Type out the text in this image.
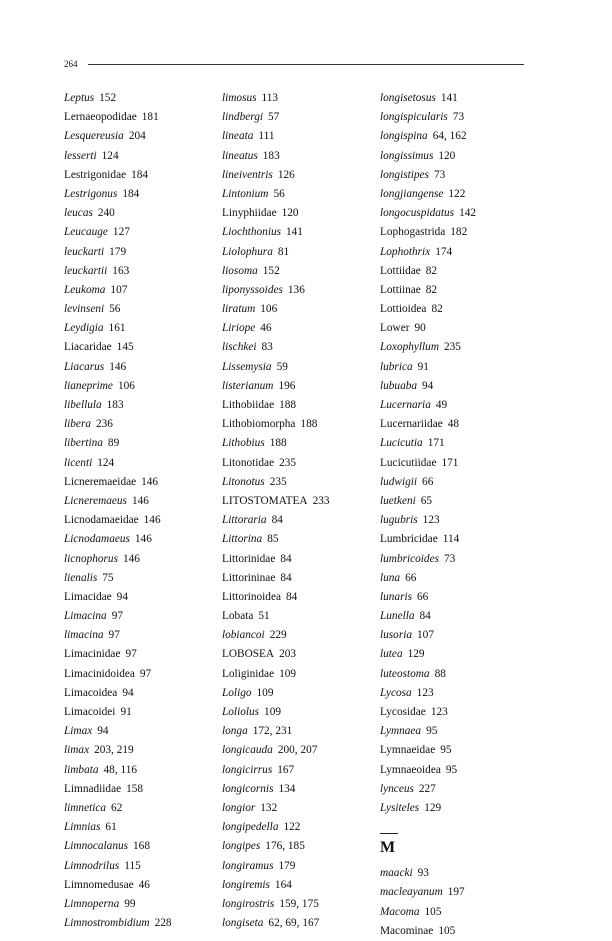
264
Leptus 152
Lernaeopodidae 181
Lesquereusia 204
lesserti 124
Lestrigonidae 184
Lestrigonus 184
leucas 240
Leucauge 127
leuckarti 179
leuckartii 163
Leukoma 107
levinseni 56
Leydigia 161
Liacaridae 145
Liacarus 146
lianeprime 106
libellula 183
libera 236
libertina 89
licenti 124
Licneremaeidae 146
Licneremaeus 146
Licnodamaeidae 146
Licnodamaeus 146
licnophorus 146
lienalis 75
Limacidae 94
Limacina 97
limacina 97
Limacinidae 97
Limacinidoidea 97
Limacoidea 94
Limacoidei 91
Limax 94
limax 203, 219
limbata 48, 116
Limnadiidae 158
limnetica 62
Limnias 61
Limnocalanus 168
Limnodrilus 115
Limnomedusae 46
Limnoperna 99
Limnostrombidium 228
limosus 113
lindbergi 57
lineata 111
lineatus 183
lineiventris 126
Lintonium 56
Linyphiidae 120
Liochthonius 141
Liolophura 81
liosoma 152
liponyssoides 136
liratum 106
Liriope 46
lischkei 83
Lissemysia 59
listerianum 196
Lithobiidae 188
Lithobiomorpha 188
Lithobius 188
Litonotidae 235
Litonotus 235
LITOSTOMATEA 233
Littoraria 84
Littorina 85
Littorinidae 84
Littorininae 84
Littorinoidea 84
Lobata 51
lobiancoi 229
LOBOSEA 203
Loliginidae 109
Loligo 109
Loliolus 109
longa 172, 231
longicauda 200, 207
longicirrus 167
longicornis 134
longior 132
longipedella 122
longipes 176, 185
longiramus 179
longiremis 164
longirostris 159, 175
longiseta 62, 69, 167
longisetosus 141
longispicularis 73
longispina 64, 162
longissimus 120
longistipes 73
longjiangense 122
longocuspidatus 142
Lophogastrida 182
Lophothrix 174
Lottiidae 82
Lottiinae 82
Lottioidea 82
Lower 90
Loxophyllum 235
lubrica 91
lubuaba 94
Lucernaria 49
Lucernariidae 48
Lucicutia 171
Lucicutiidae 171
ludwigii 66
luetkeni 65
lugubris 123
Lumbricidae 114
lumbricoides 73
luna 66
lunaris 66
Lunella 84
lusoria 107
lutea 129
luteostoma 88
Lycosa 123
Lycosidae 123
Lymnaea 95
Lymnaeidae 95
Lymnaeoidea 95
lynceus 227
Lysiteles 129
M
maacki 93
macleayanum 197
Macoma 105
Macominae 105
